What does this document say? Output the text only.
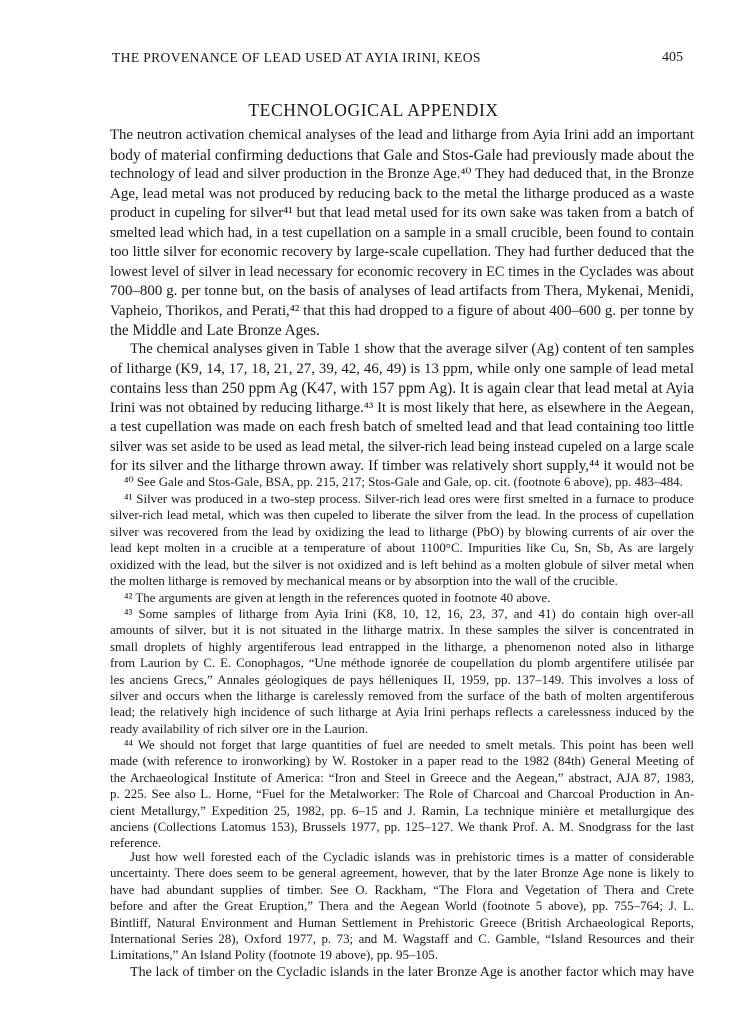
THE PROVENANCE OF LEAD USED AT AYIA IRINI, KEOS	405
TECHNOLOGICAL APPENDIX
The neutron activation chemical analyses of the lead and litharge from Ayia Irini add an important
body of material confirming deductions that Gale and Stos-Gale had previously made about the
technology of lead and silver production in the Bronze Age.⁴⁰ They had deduced that, in the Bronze
Age, lead metal was not produced by reducing back to the metal the litharge produced as a waste
product in cupeling for silver⁴¹ but that lead metal used for its own sake was taken from a batch of
smelted lead which had, in a test cupellation on a sample in a small crucible, been found to contain
too little silver for economic recovery by large-scale cupellation. They had further deduced that the
lowest level of silver in lead necessary for economic recovery in EC times in the Cyclades was about
700–800 g. per tonne but, on the basis of analyses of lead artifacts from Thera, Mykenai, Menidi,
Vapheio, Thorikos, and Perati,⁴² that this had dropped to a figure of about 400–600 g. per tonne by
the Middle and Late Bronze Ages.
The chemical analyses given in Table 1 show that the average silver (Ag) content of ten samples
of litharge (K9, 14, 17, 18, 21, 27, 39, 42, 46, 49) is 13 ppm, while only one sample of lead metal
contains less than 250 ppm Ag (K47, with 157 ppm Ag). It is again clear that lead metal at Ayia
Irini was not obtained by reducing litharge.⁴³ It is most likely that here, as elsewhere in the Aegean,
a test cupellation was made on each fresh batch of smelted lead and that lead containing too little
silver was set aside to be used as lead metal, the silver-rich lead being instead cupeled on a large scale
for its silver and the litharge thrown away. If timber was relatively short supply,⁴⁴ it would not be
⁴⁰ See Gale and Stos-Gale, BSA, pp. 215, 217; Stos-Gale and Gale, op. cit. (footnote 6 above), pp. 483–484.
⁴¹ Silver was produced in a two-step process. Silver-rich lead ores were first smelted in a furnace to produce
silver-rich lead metal, which was then cupeled to liberate the silver from the lead. In the process of cupellation
silver was recovered from the lead by oxidizing the lead to litharge (PbO) by blowing currents of air over the
lead kept molten in a crucible at a temperature of about 1100°C. Impurities like Cu, Sn, Sb, As are largely
oxidized with the lead, but the silver is not oxidized and is left behind as a molten globule of silver metal when
the molten litharge is removed by mechanical means or by absorption into the wall of the crucible.
⁴² The arguments are given at length in the references quoted in footnote 40 above.
⁴³ Some samples of litharge from Ayia Irini (K8, 10, 12, 16, 23, 37, and 41) do contain high over-all
amounts of silver, but it is not situated in the litharge matrix. In these samples the silver is concentrated in
small droplets of highly argentiferous lead entrapped in the litharge, a phenomenon noted also in litharge
from Laurion by C. E. Conophagos, “Une méthode ignorée de coupellation du plomb argentifere utilisée par
les anciens Grecs,” Annales géologiques de pays hélleniques II, 1959, pp. 137–149. This involves a loss of
silver and occurs when the litharge is carelessly removed from the surface of the bath of molten argentiferous
lead; the relatively high incidence of such litharge at Ayia Irini perhaps reflects a carelessness induced by the
ready availability of rich silver ore in the Laurion.
⁴⁴ We should not forget that large quantities of fuel are needed to smelt metals. This point has been well
made (with reference to ironworking) by W. Rostoker in a paper read to the 1982 (84th) General Meeting of
the Archaeological Institute of America: “Iron and Steel in Greece and the Aegean,” abstract, AJA 87, 1983,
p. 225. See also L. Horne, “Fuel for the Metalworker: The Role of Charcoal and Charcoal Production in An-
cient Metallurgy,” Expedition 25, 1982, pp. 6–15 and J. Ramin, La technique minière et metallurgique des
anciens (Collections Latomus 153), Brussels 1977, pp. 125–127. We thank Prof. A. M. Snodgrass for the last
reference.
Just how well forested each of the Cycladic islands was in prehistoric times is a matter of considerable
uncertainty. There does seem to be general agreement, however, that by the later Bronze Age none is likely to
have had abundant supplies of timber. See O. Rackham, “The Flora and Vegetation of Thera and Crete
before and after the Great Eruption,” Thera and the Aegean World (footnote 5 above), pp. 755–764; J. L.
Bintliff, Natural Environment and Human Settlement in Prehistoric Greece (British Archaeological Reports,
International Series 28), Oxford 1977, p. 73; and M. Wagstaff and C. Gamble, “Island Resources and their
Limitations,” An Island Polity (footnote 19 above), pp. 95–105.
The lack of timber on the Cycladic islands in the later Bronze Age is another factor which may have
